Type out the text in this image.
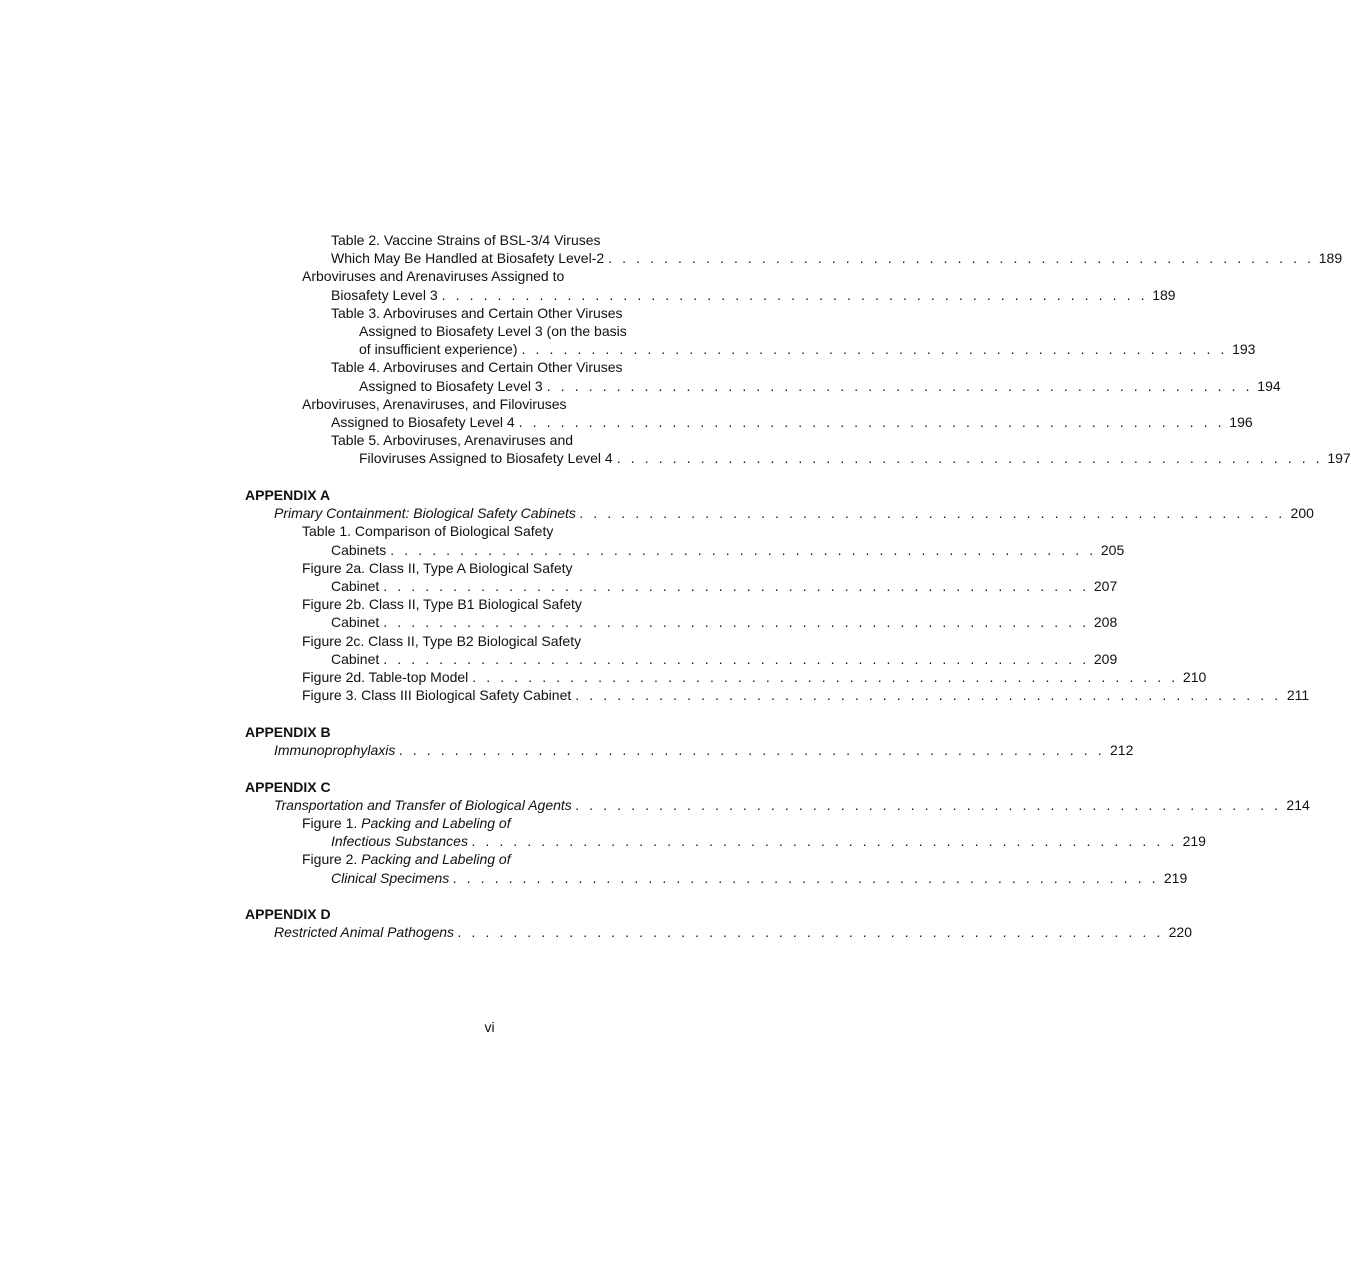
Table 2. Vaccine Strains of BSL-3/4 Viruses
Which May Be Handled at Biosafety Level-2 . . . . . . . . . . . . . . . . . . . . . . . . . . . . . . . . . . . . . . . . . . . . . . . . . . . 189
Arboviruses and Arenaviruses Assigned to
Biosafety Level 3 . . . . . . . . . . . . . . . . . . . . . . . . . . . . . . . . . . . . . . . . . . . . . . . . . . . 189
Table 3. Arboviruses and Certain Other Viruses
Assigned to Biosafety Level 3 (on the basis
of insufficient experience) . . . . . . . . . . . . . . . . . . . . . . . . . . . . . . . . . . . . . . . . . . . . . . . . . . . 193
Table 4. Arboviruses and Certain Other Viruses
Assigned to Biosafety Level 3 . . . . . . . . . . . . . . . . . . . . . . . . . . . . . . . . . . . . . . . . . . . . . . . . . . . 194
Arboviruses, Arenaviruses, and Filoviruses
Assigned to Biosafety Level 4 . . . . . . . . . . . . . . . . . . . . . . . . . . . . . . . . . . . . . . . . . . . . . . . . . . . 196
Table 5. Arboviruses, Arenaviruses and
Filoviruses Assigned to Biosafety Level 4 . . . . . . . . . . . . . . . . . . . . . . . . . . . . . . . . . . . . . . . . . . . . . . . . . . . 197
APPENDIX A
Primary Containment: Biological Safety Cabinets . . . . . . . . . . . . . . . . . . . . . . . . . . . . . . . . . . . . . . . . . . . . . . . . . . . 200
Table 1. Comparison of Biological Safety
Cabinets . . . . . . . . . . . . . . . . . . . . . . . . . . . . . . . . . . . . . . . . . . . . . . . . . . . 205
Figure 2a. Class II, Type A Biological Safety
Cabinet . . . . . . . . . . . . . . . . . . . . . . . . . . . . . . . . . . . . . . . . . . . . . . . . . . . 207
Figure 2b. Class II, Type B1 Biological Safety
Cabinet . . . . . . . . . . . . . . . . . . . . . . . . . . . . . . . . . . . . . . . . . . . . . . . . . . . 208
Figure 2c. Class II, Type B2 Biological Safety
Cabinet . . . . . . . . . . . . . . . . . . . . . . . . . . . . . . . . . . . . . . . . . . . . . . . . . . . 209
Figure 2d. Table-top Model . . . . . . . . . . . . . . . . . . . . . . . . . . . . . . . . . . . . . . . . . . . . . . . . . . . 210
Figure 3. Class III Biological Safety Cabinet . . . . . . . . . . . . . . . . . . . . . . . . . . . . . . . . . . . . . . . . . . . . . . . . . . . 211
APPENDIX B
Immunoprophylaxis . . . . . . . . . . . . . . . . . . . . . . . . . . . . . . . . . . . . . . . . . . . . . . . . . . . 212
APPENDIX C
Transportation and Transfer of Biological Agents . . . . . . . . . . . . . . . . . . . . . . . . . . . . . . . . . . . . . . . . . . . . . . . . . . . 214
Figure 1. Packing and Labeling of
Infectious Substances . . . . . . . . . . . . . . . . . . . . . . . . . . . . . . . . . . . . . . . . . . . . . . . . . . . 219
Figure 2. Packing and Labeling of
Clinical Specimens . . . . . . . . . . . . . . . . . . . . . . . . . . . . . . . . . . . . . . . . . . . . . . . . . . . 219
APPENDIX D
Restricted Animal Pathogens . . . . . . . . . . . . . . . . . . . . . . . . . . . . . . . . . . . . . . . . . . . . . . . . . . . 220
vi
